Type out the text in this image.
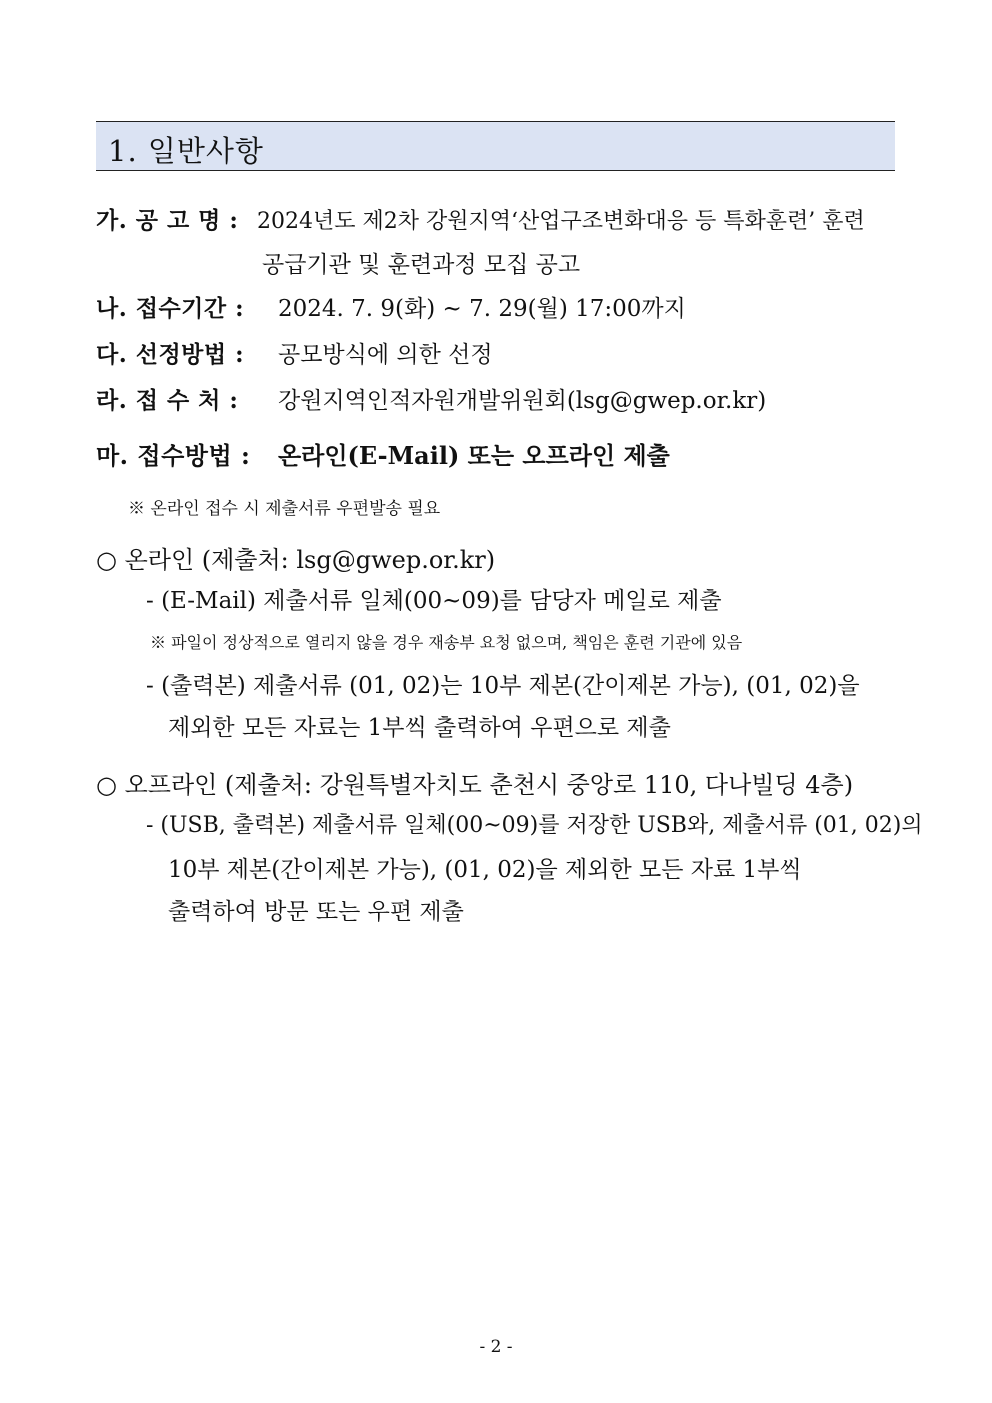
1. 일반사항
가. 공 고 명 : 2024년도 제2차 강원지역‘산업구조변화대응 등 특화훈련’ 훈련
공급기관 및 훈련과정 모집 공고
나. 접수기간 : 2024. 7. 9(화) ~ 7. 29(월) 17:00까지
다. 선정방법 : 공모방식에 의한 선정
라. 접 수 처 : 강원지역인적자원개발위원회(lsg@gwep.or.kr)
마. 접수방법 : 온라인(E-Mail) 또는 오프라인 제출
※ 온라인 접수 시 제출서류 우편발송 필요
○ 온라인 (제출처: lsg@gwep.or.kr)
- (E-Mail) 제출서류 일체(00~09)를 담당자 메일로 제출
※ 파일이 정상적으로 열리지 않을 경우 재송부 요청 없으며, 책임은 훈련 기관에 있음
- (출력본) 제출서류 (01, 02)는 10부 제본(간이제본 가능), (01, 02)을
제외한 모든 자료는 1부씩 출력하여 우편으로 제출
○ 오프라인 (제출처: 강원특별자치도 춘천시 중앙로 110, 다나빌딩 4층)
- (USB, 출력본) 제출서류 일체(00~09)를 저장한 USB와, 제출서류 (01, 02)의
10부 제본(간이제본 가능), (01, 02)을 제외한 모든 자료 1부씩
출력하여 방문 또는 우편 제출
- 2 -
